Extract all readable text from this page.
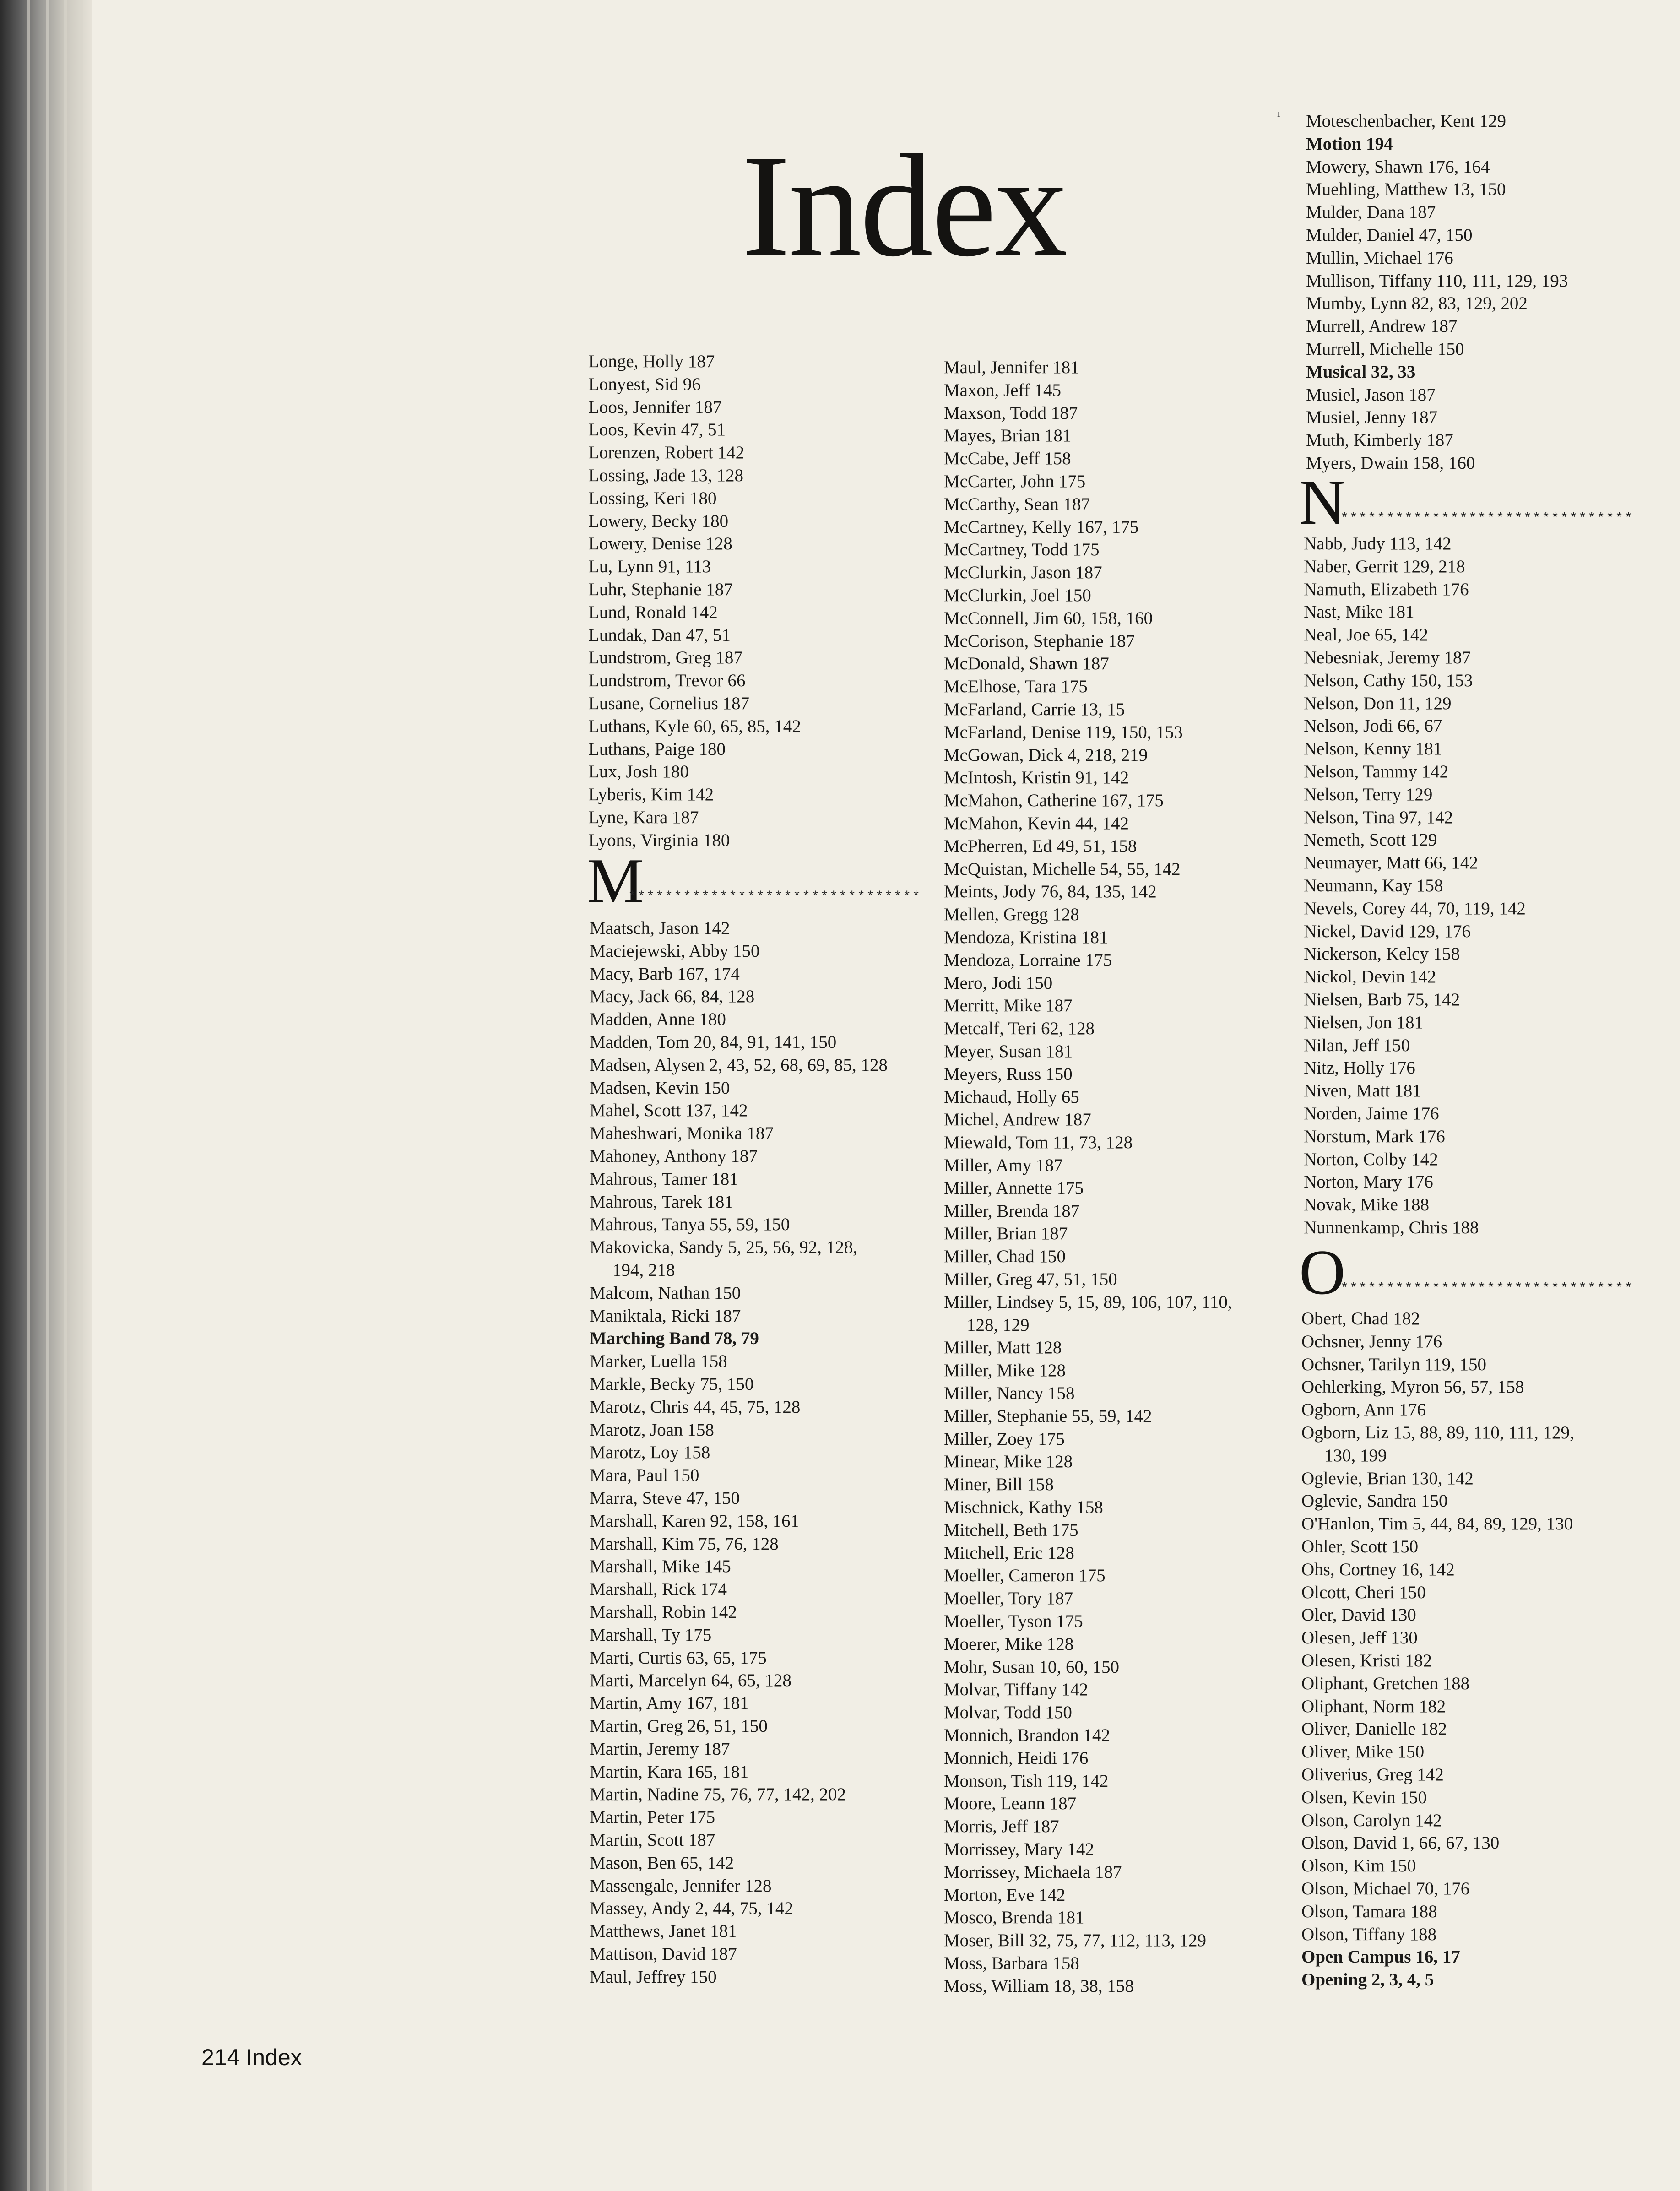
Index
ı
Longe, Holly 187
Lonyest, Sid 96
Loos, Jennifer 187
Loos, Kevin 47, 51
Lorenzen, Robert 142
Lossing, Jade 13, 128
Lossing, Keri 180
Lowery, Becky 180
Lowery, Denise 128
Lu, Lynn 91, 113
Luhr, Stephanie 187
Lund, Ronald 142
Lundak, Dan 47, 51
Lundstrom, Greg 187
Lundstrom, Trevor 66
Lusane, Cornelius 187
Luthans, Kyle 60, 65, 85, 142
Luthans, Paige 180
Lux, Josh 180
Lyberis, Kim 142
Lyne, Kara 187
Lyons, Virginia 180
M
********************************
Maatsch, Jason 142
Maciejewski, Abby 150
Macy, Barb 167, 174
Macy, Jack 66, 84, 128
Madden, Anne 180
Madden, Tom 20, 84, 91, 141, 150
Madsen, Alysen 2, 43, 52, 68, 69, 85, 128
Madsen, Kevin 150
Mahel, Scott 137, 142
Maheshwari, Monika 187
Mahoney, Anthony 187
Mahrous, Tamer 181
Mahrous, Tarek 181
Mahrous, Tanya 55, 59, 150
Makovicka, Sandy 5, 25, 56, 92, 128,
194, 218
Malcom, Nathan 150
Maniktala, Ricki 187
Marching Band 78, 79
Marker, Luella 158
Markle, Becky 75, 150
Marotz, Chris 44, 45, 75, 128
Marotz, Joan 158
Marotz, Loy 158
Mara, Paul 150
Marra, Steve 47, 150
Marshall, Karen 92, 158, 161
Marshall, Kim 75, 76, 128
Marshall, Mike 145
Marshall, Rick 174
Marshall, Robin 142
Marshall, Ty 175
Marti, Curtis 63, 65, 175
Marti, Marcelyn 64, 65, 128
Martin, Amy 167, 181
Martin, Greg 26, 51, 150
Martin, Jeremy 187
Martin, Kara 165, 181
Martin, Nadine 75, 76, 77, 142, 202
Martin, Peter 175
Martin, Scott 187
Mason, Ben 65, 142
Massengale, Jennifer 128
Massey, Andy 2, 44, 75, 142
Matthews, Janet 181
Mattison, David 187
Maul, Jeffrey 150
Maul, Jennifer 181
Maxon, Jeff 145
Maxson, Todd 187
Mayes, Brian 181
McCabe, Jeff 158
McCarter, John 175
McCarthy, Sean 187
McCartney, Kelly 167, 175
McCartney, Todd 175
McClurkin, Jason 187
McClurkin, Joel 150
McConnell, Jim 60, 158, 160
McCorison, Stephanie 187
McDonald, Shawn 187
McElhose, Tara 175
McFarland, Carrie 13, 15
McFarland, Denise 119, 150, 153
McGowan, Dick 4, 218, 219
McIntosh, Kristin 91, 142
McMahon, Catherine 167, 175
McMahon, Kevin 44, 142
McPherren, Ed 49, 51, 158
McQuistan, Michelle 54, 55, 142
Meints, Jody 76, 84, 135, 142
Mellen, Gregg 128
Mendoza, Kristina 181
Mendoza, Lorraine 175
Mero, Jodi 150
Merritt, Mike 187
Metcalf, Teri 62, 128
Meyer, Susan 181
Meyers, Russ 150
Michaud, Holly 65
Michel, Andrew 187
Miewald, Tom 11, 73, 128
Miller, Amy 187
Miller, Annette 175
Miller, Brenda 187
Miller, Brian 187
Miller, Chad 150
Miller, Greg 47, 51, 150
Miller, Lindsey 5, 15, 89, 106, 107, 110,
128, 129
Miller, Matt 128
Miller, Mike 128
Miller, Nancy 158
Miller, Stephanie 55, 59, 142
Miller, Zoey 175
Minear, Mike 128
Miner, Bill 158
Mischnick, Kathy 158
Mitchell, Beth 175
Mitchell, Eric 128
Moeller, Cameron 175
Moeller, Tory 187
Moeller, Tyson 175
Moerer, Mike 128
Mohr, Susan 10, 60, 150
Molvar, Tiffany 142
Molvar, Todd 150
Monnich, Brandon 142
Monnich, Heidi 176
Monson, Tish 119, 142
Moore, Leann 187
Morris, Jeff 187
Morrissey, Mary 142
Morrissey, Michaela 187
Morton, Eve 142
Mosco, Brenda 181
Moser, Bill 32, 75, 77, 112, 113, 129
Moss, Barbara 158
Moss, William 18, 38, 158
Moteschenbacher, Kent 129
Motion 194
Mowery, Shawn 176, 164
Muehling, Matthew 13, 150
Mulder, Dana 187
Mulder, Daniel 47, 150
Mullin, Michael 176
Mullison, Tiffany 110, 111, 129, 193
Mumby, Lynn 82, 83, 129, 202
Murrell, Andrew 187
Murrell, Michelle 150
Musical 32, 33
Musiel, Jason 187
Musiel, Jenny 187
Muth, Kimberly 187
Myers, Dwain 158, 160
N
********************************
Nabb, Judy 113, 142
Naber, Gerrit 129, 218
Namuth, Elizabeth 176
Nast, Mike 181
Neal, Joe 65, 142
Nebesniak, Jeremy 187
Nelson, Cathy 150, 153
Nelson, Don 11, 129
Nelson, Jodi 66, 67
Nelson, Kenny 181
Nelson, Tammy 142
Nelson, Terry 129
Nelson, Tina 97, 142
Nemeth, Scott 129
Neumayer, Matt 66, 142
Neumann, Kay 158
Nevels, Corey 44, 70, 119, 142
Nickel, David 129, 176
Nickerson, Kelcy 158
Nickol, Devin 142
Nielsen, Barb 75, 142
Nielsen, Jon 181
Nilan, Jeff 150
Nitz, Holly 176
Niven, Matt 181
Norden, Jaime 176
Norstum, Mark 176
Norton, Colby 142
Norton, Mary 176
Novak, Mike 188
Nunnenkamp, Chris 188
O
********************************
Obert, Chad 182
Ochsner, Jenny 176
Ochsner, Tarilyn 119, 150
Oehlerking, Myron 56, 57, 158
Ogborn, Ann 176
Ogborn, Liz 15, 88, 89, 110, 111, 129,
130, 199
Oglevie, Brian 130, 142
Oglevie, Sandra 150
O'Hanlon, Tim 5, 44, 84, 89, 129, 130
Ohler, Scott 150
Ohs, Cortney 16, 142
Olcott, Cheri 150
Oler, David 130
Olesen, Jeff 130
Olesen, Kristi 182
Oliphant, Gretchen 188
Oliphant, Norm 182
Oliver, Danielle 182
Oliver, Mike 150
Oliverius, Greg 142
Olsen, Kevin 150
Olson, Carolyn 142
Olson, David 1, 66, 67, 130
Olson, Kim 150
Olson, Michael 70, 176
Olson, Tamara 188
Olson, Tiffany 188
Open Campus 16, 17
Opening 2, 3, 4, 5
214 Index
